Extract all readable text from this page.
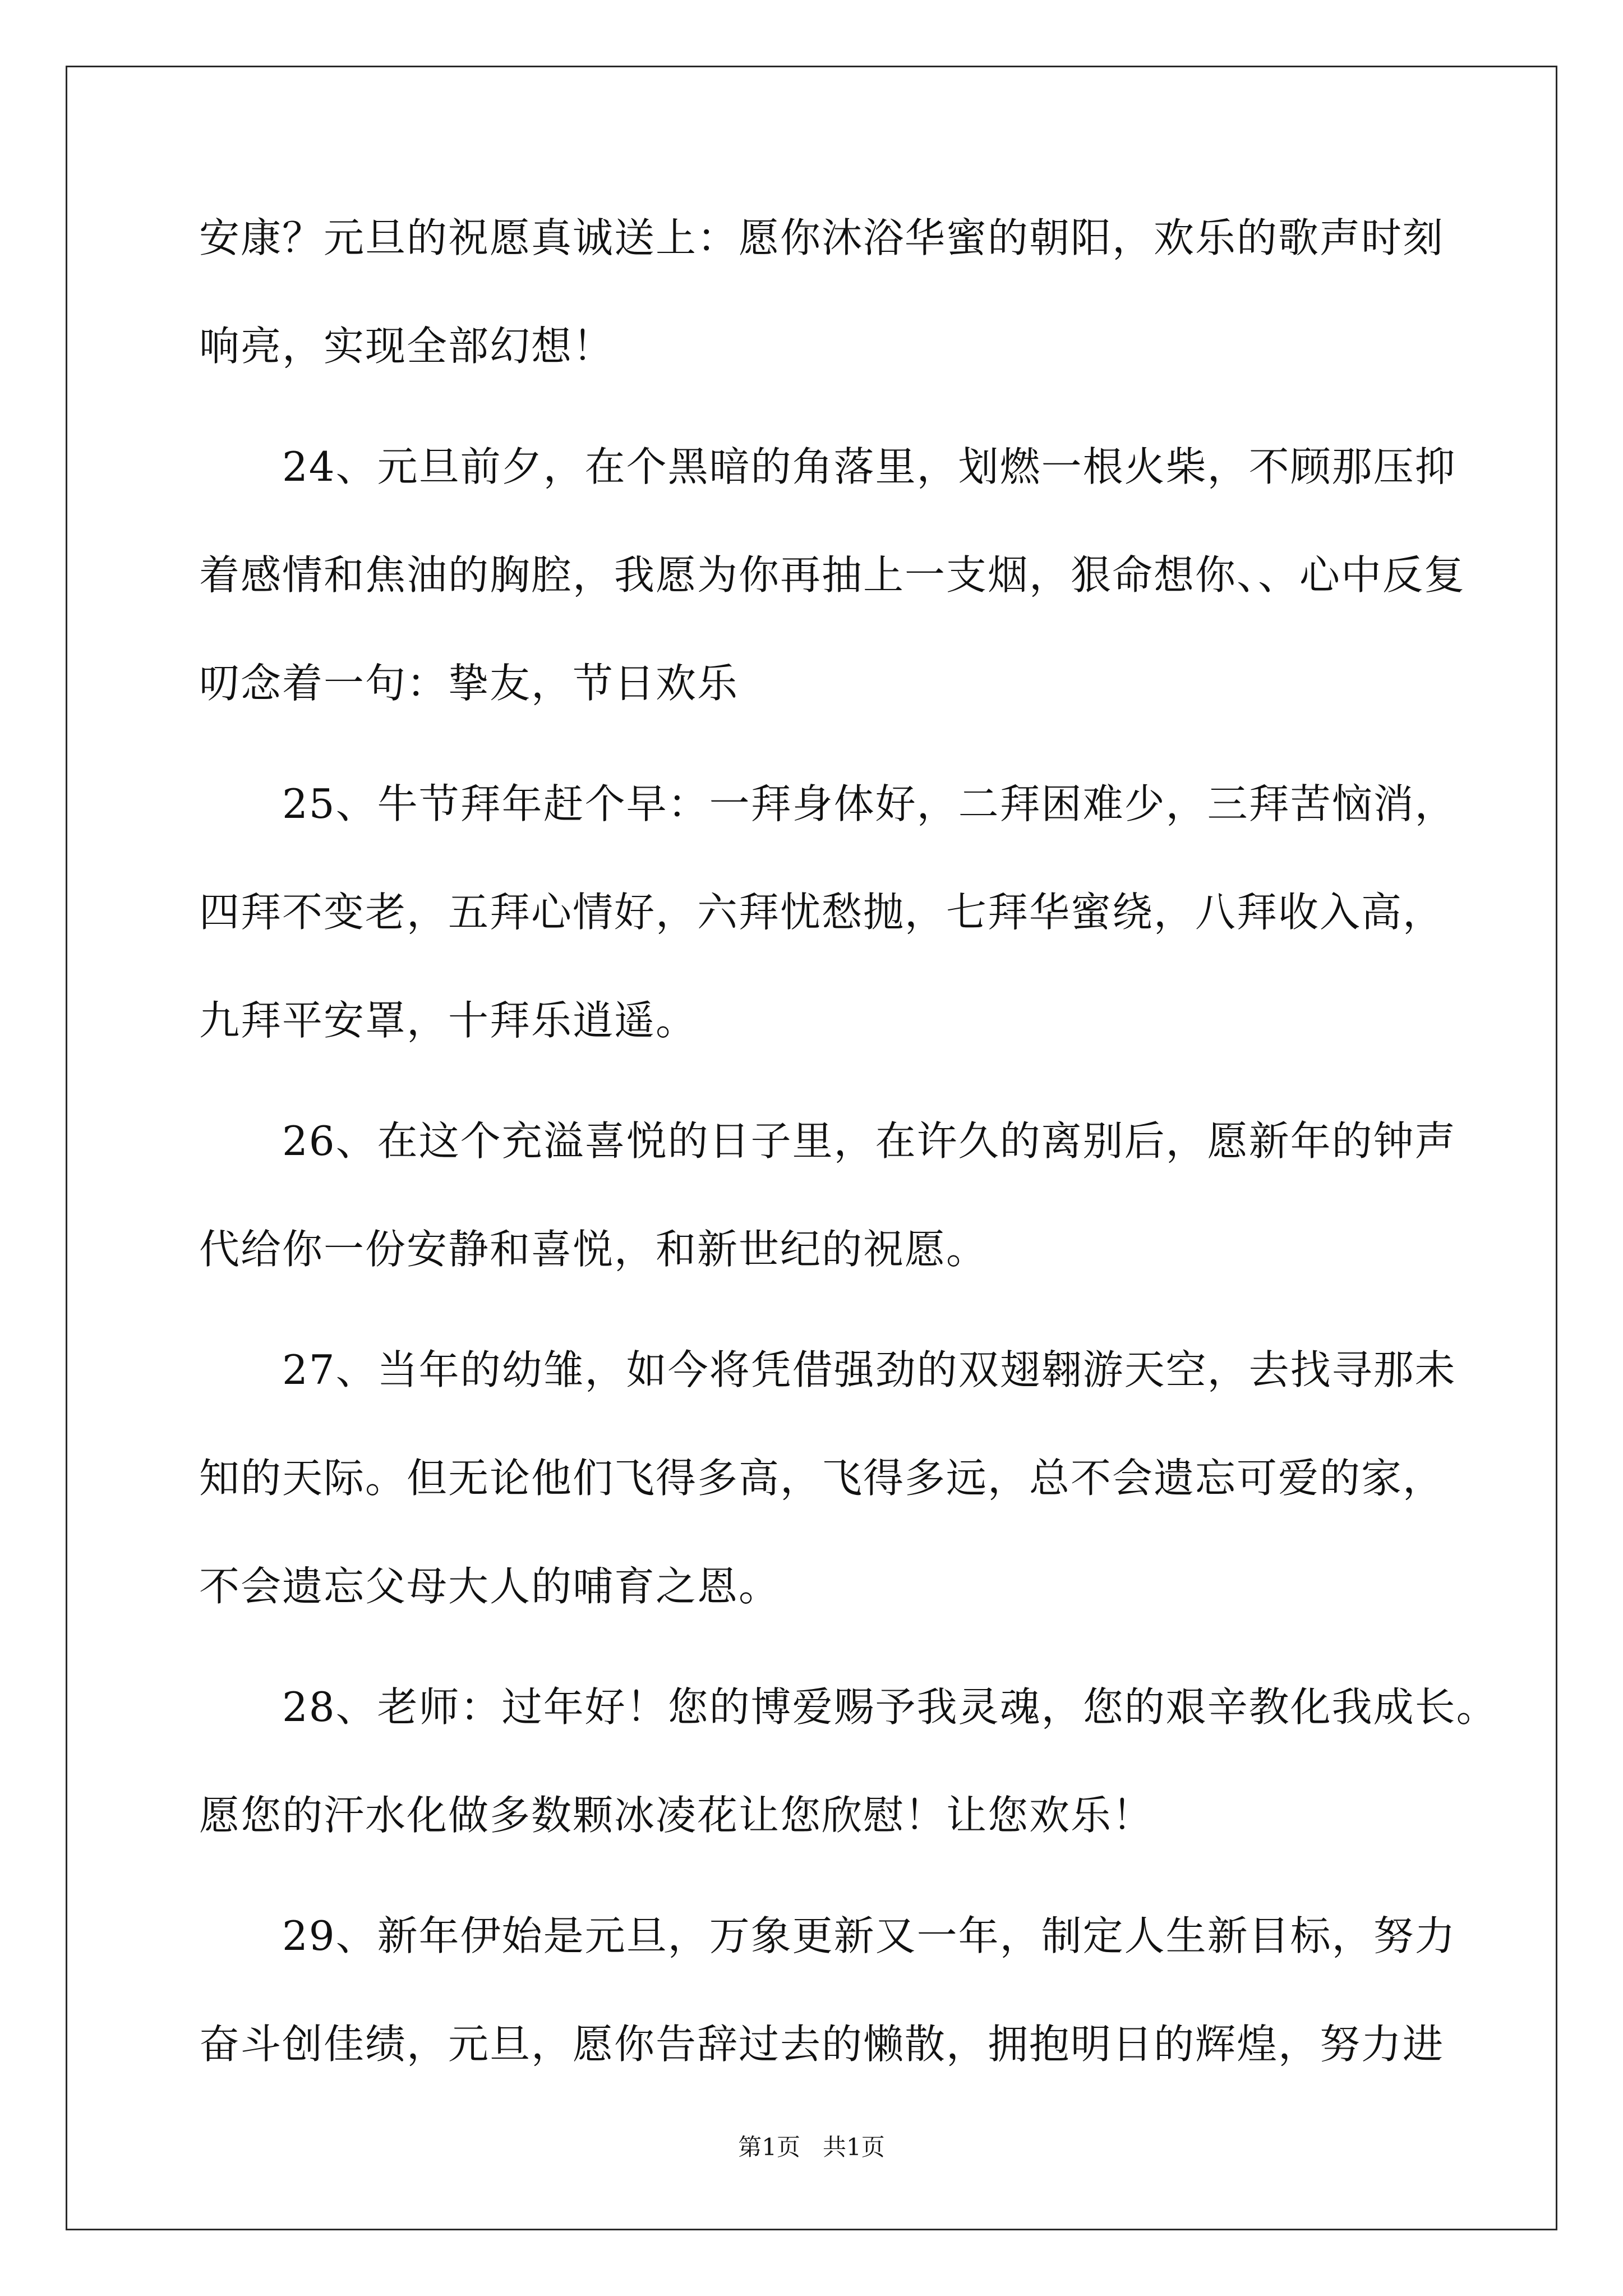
安康？元旦的祝愿真诚送上：愿你沐浴华蜜的朝阳，欢乐的歌声时刻
响亮，实现全部幻想！
　　24、元旦前夕，在个黑暗的角落里，划燃一根火柴，不顾那压抑
着感情和焦油的胸腔，我愿为你再抽上一支烟，狠命想你、、心中反复
叨念着一句：挚友，节日欢乐
　　25、牛节拜年赶个早：一拜身体好，二拜困难少，三拜苦恼消，
四拜不变老，五拜心情好，六拜忧愁抛，七拜华蜜绕，八拜收入高，
九拜平安罩，十拜乐逍遥。
　　26、在这个充溢喜悦的日子里，在许久的离别后，愿新年的钟声
代给你一份安静和喜悦，和新世纪的祝愿。
　　27、当年的幼雏，如今将凭借强劲的双翅翱游天空，去找寻那未
知的天际。但无论他们飞得多高，飞得多远，总不会遗忘可爱的家，
不会遗忘父母大人的哺育之恩。
　　28、老师：过年好！您的博爱赐予我灵魂，您的艰辛教化我成长。
愿您的汗水化做多数颗冰凌花让您欣慰！让您欢乐！
　　29、新年伊始是元旦，万象更新又一年，制定人生新目标，努力
奋斗创佳绩，元旦，愿你告辞过去的懒散，拥抱明日的辉煌，努力进
第1页 共1页
